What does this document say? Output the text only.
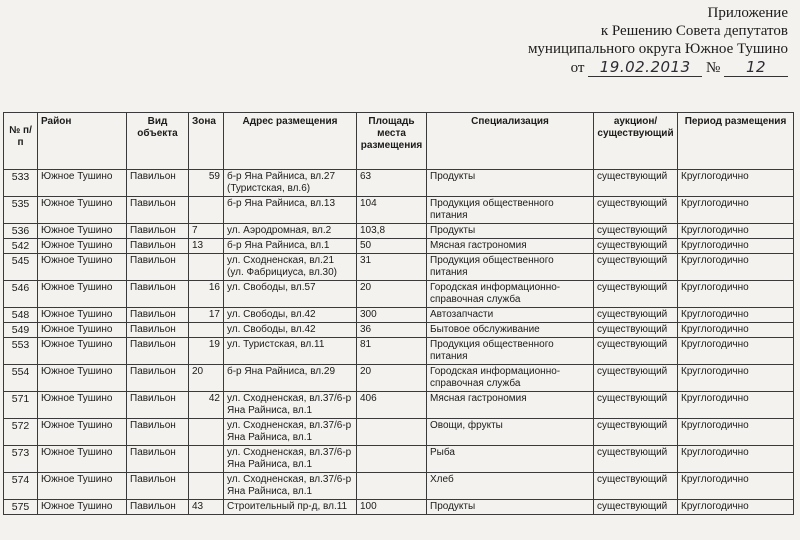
Приложение
к Решению Совета депутатов
муниципального округа Южное Тушино
от 19.02.2013 № 12
№ п/п	Район	Вид объекта	Зона	Адрес размещения	Площадь места размещения	Специализация	аукцион/ существующий	Период размещения
533	Южное Тушино	Павильон	59	б-р Яна Райниса, вл.27 (Туристская, вл.6)	63	Продукты	существующий	Круглогодично
535	Южное Тушино	Павильон		б-р Яна Райниса, вл.13	104	Продукция общественного питания	существующий	Круглогодично
536	Южное Тушино	Павильон	7	ул. Аэродромная, вл.2	103,8	Продукты	существующий	Круглогодично
542	Южное Тушино	Павильон	13	б-р Яна Райниса, вл.1	50	Мясная гастрономия	существующий	Круглогодично
545	Южное Тушино	Павильон		ул. Сходненская, вл.21 (ул. Фабрициуса, вл.30)	31	Продукция общественного питания	существующий	Круглогодично
546	Южное Тушино	Павильон	16	ул. Свободы, вл.57	20	Городская информационно-справочная служба	существующий	Круглогодично
548	Южное Тушино	Павильон	17	ул. Свободы, вл.42	300	Автозапчасти	существующий	Круглогодично
549	Южное Тушино	Павильон		ул. Свободы, вл.42	36	Бытовое обслуживание	существующий	Круглогодично
553	Южное Тушино	Павильон	19	ул. Туристская, вл.11	81	Продукция общественного питания	существующий	Круглогодично
554	Южное Тушино	Павильон	20	б-р Яна Райниса, вл.29	20	Городская информационно-справочная служба	существующий	Круглогодично
571	Южное Тушино	Павильон	42	ул. Сходненская, вл.37/6-р Яна Райниса, вл.1	406	Мясная гастрономия	существующий	Круглогодично
572	Южное Тушино	Павильон		ул. Сходненская, вл.37/6-р Яна Райниса, вл.1		Овощи, фрукты	существующий	Круглогодично
573	Южное Тушино	Павильон		ул. Сходненская, вл.37/6-р Яна Райниса, вл.1		Рыба	существующий	Круглогодично
574	Южное Тушино	Павильон		ул. Сходненская, вл.37/6-р Яна Райниса, вл.1		Хлеб	существующий	Круглогодично
575	Южное Тушино	Павильон	43	Строительный пр-д, вл.11	100	Продукты	существующий	Круглогодично
